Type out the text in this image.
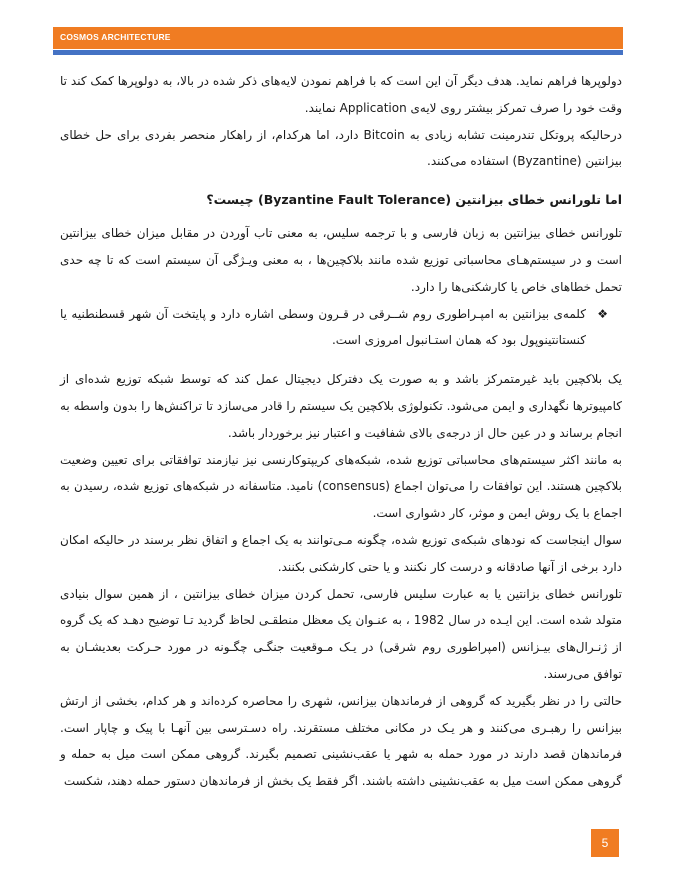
COSMOS ARCHITECTURE

دولوپرها فراهم نماید. هدف دیگر آن این است که با فراهم نمودن لایه‌های ذکر شده در بالا، به دولوپرها کمک کند تا وقت خود را صرف تمرکز بیشتر روی لایه‌ی Application نمایند.

درحالیکه پروتکل تندرمینت تشابه زیادی به Bitcoin دارد، اما هرکدام، از راهکار منحصر بفردی برای حل خطای بیزانتین (Byzantine) استفاده می‌کنند.

اما تلورانس خطای بیزانتین (Byzantine Fault Tolerance) چیست؟

تلورانس خطای بیزانتین به زبان فارسی و با ترجمه سلیس، به معنی تاب آوردن در مقابل میزان خطای بیزانتین است و در سیستم‌هـای محاسباتی توزیع شده مانند بلاکچین‌ها ، به معنی ویـژگی آن سیستم است که تا چه حدی تحمل خطاهای خاص یا کارشکنی‌ها را دارد.

❖
کلمه‌ی بیزانتین به امپـراطوری روم شــرقی در قـرون وسطی اشاره دارد و پایتخت آن شهر قسطنطنیه یا کنستانتینوپول بود که همان استـانبول امروزی است.

یک بلاکچین باید غیرمتمرکز باشد و به صورت یک دفترکل دیجیتال عمل کند که توسط شبکه توزیع شده‌ای از کامپیوترها نگهداری و ایمن می‌شود. تکنولوژی بلاکچین یک سیستم را قادر می‌سازد تا تراکنش‌ها را بدون واسطه به انجام برساند و در عین حال از درجه‌ی بالای شفافیت و اعتبار نیز برخوردار باشد.

به مانند اکثر سیستم‌های محاسباتی توزیع شده، شبکه‌های کریپتوکارنسی نیز نیازمند توافقاتی برای تعیین وضعیت بلاکچین هستند. این توافقات را می‌توان اجماع (consensus) نامید. متاسفانه در شبکه‌های توزیع شده، رسیدن به اجماع با یک روش ایمن و موثر، کار دشواری است.

سوال اینجاست که نودهای شبکه‌ی توزیع شده، چگونه مـی‌توانند به یک اجماع و اتفاق نظر برسند در حالیکه امکان دارد برخی از آنها صادقانه و درست کار نکنند و یا حتی کارشکنی بکنند.

تلورانس خطای بزانتین یا به عبارت سلیس فارسی، تحمل کردن میزان خطای بیزانتین ، از همین سوال بنیادی متولد شده است. این ایـده در سال 1982 ، به عنـوان یک معظل منطقـی لحاظ گردید تـا توضیح دهـد که یک گروه از ژنـرال‌های بیـزانس (امپراطوری روم شرقی) در یـک مـوقعیت جنگـی چگـونه در مورد حـرکت بعدیشـان به توافق می‌رسند.

حالتی را در نظر بگیرید که گروهی از فرماندهان بیزانس، شهری را محاصره کرده‌اند و هر کدام، بخشی از ارتش بیزانس را رهبـری می‌کنند و هر یـک در مکانی مختلف مستقرند. راه دسـترسی بین آنهـا با پیک و چاپار است. فرماندهان قصد دارند در مورد حمله به شهر یا عقب‌نشینی تصمیم بگیرند. گروهی ممکن است میل به حمله و گروهی ممکن است میل به عقب‌نشینی داشته باشند. اگر فقط یک بخش از فرماندهان دستور حمله دهند، شکست

5
